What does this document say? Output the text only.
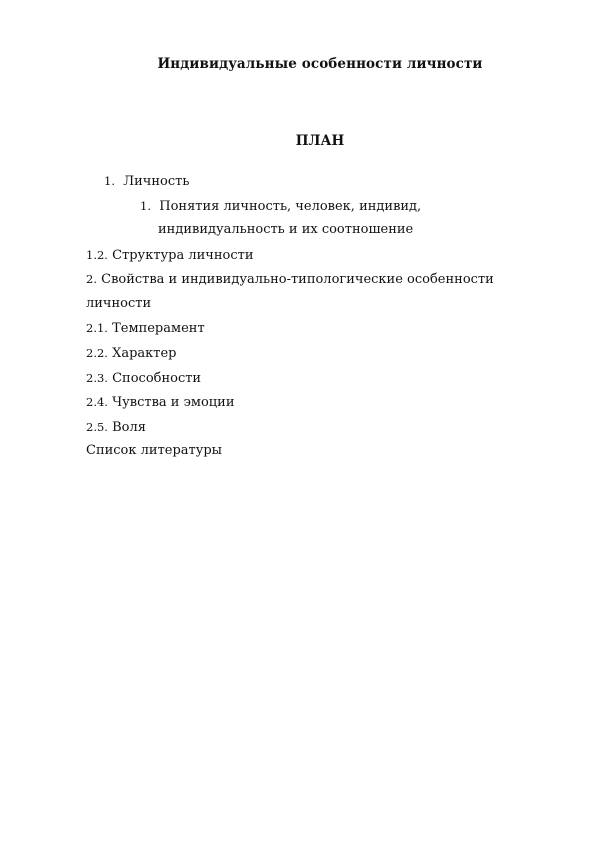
Индивидуальные особенности личности
ПЛАН
1. Личность
1. Понятия личность, человек, индивид,
индивидуальность и их соотношение
1.2. Структура личности
2. Свойства и индивидуально-типологические особенности
личности
2.1. Темперамент
2.2. Характер
2.3. Способности
2.4. Чувства и эмоции
2.5. Воля
Список литературы
